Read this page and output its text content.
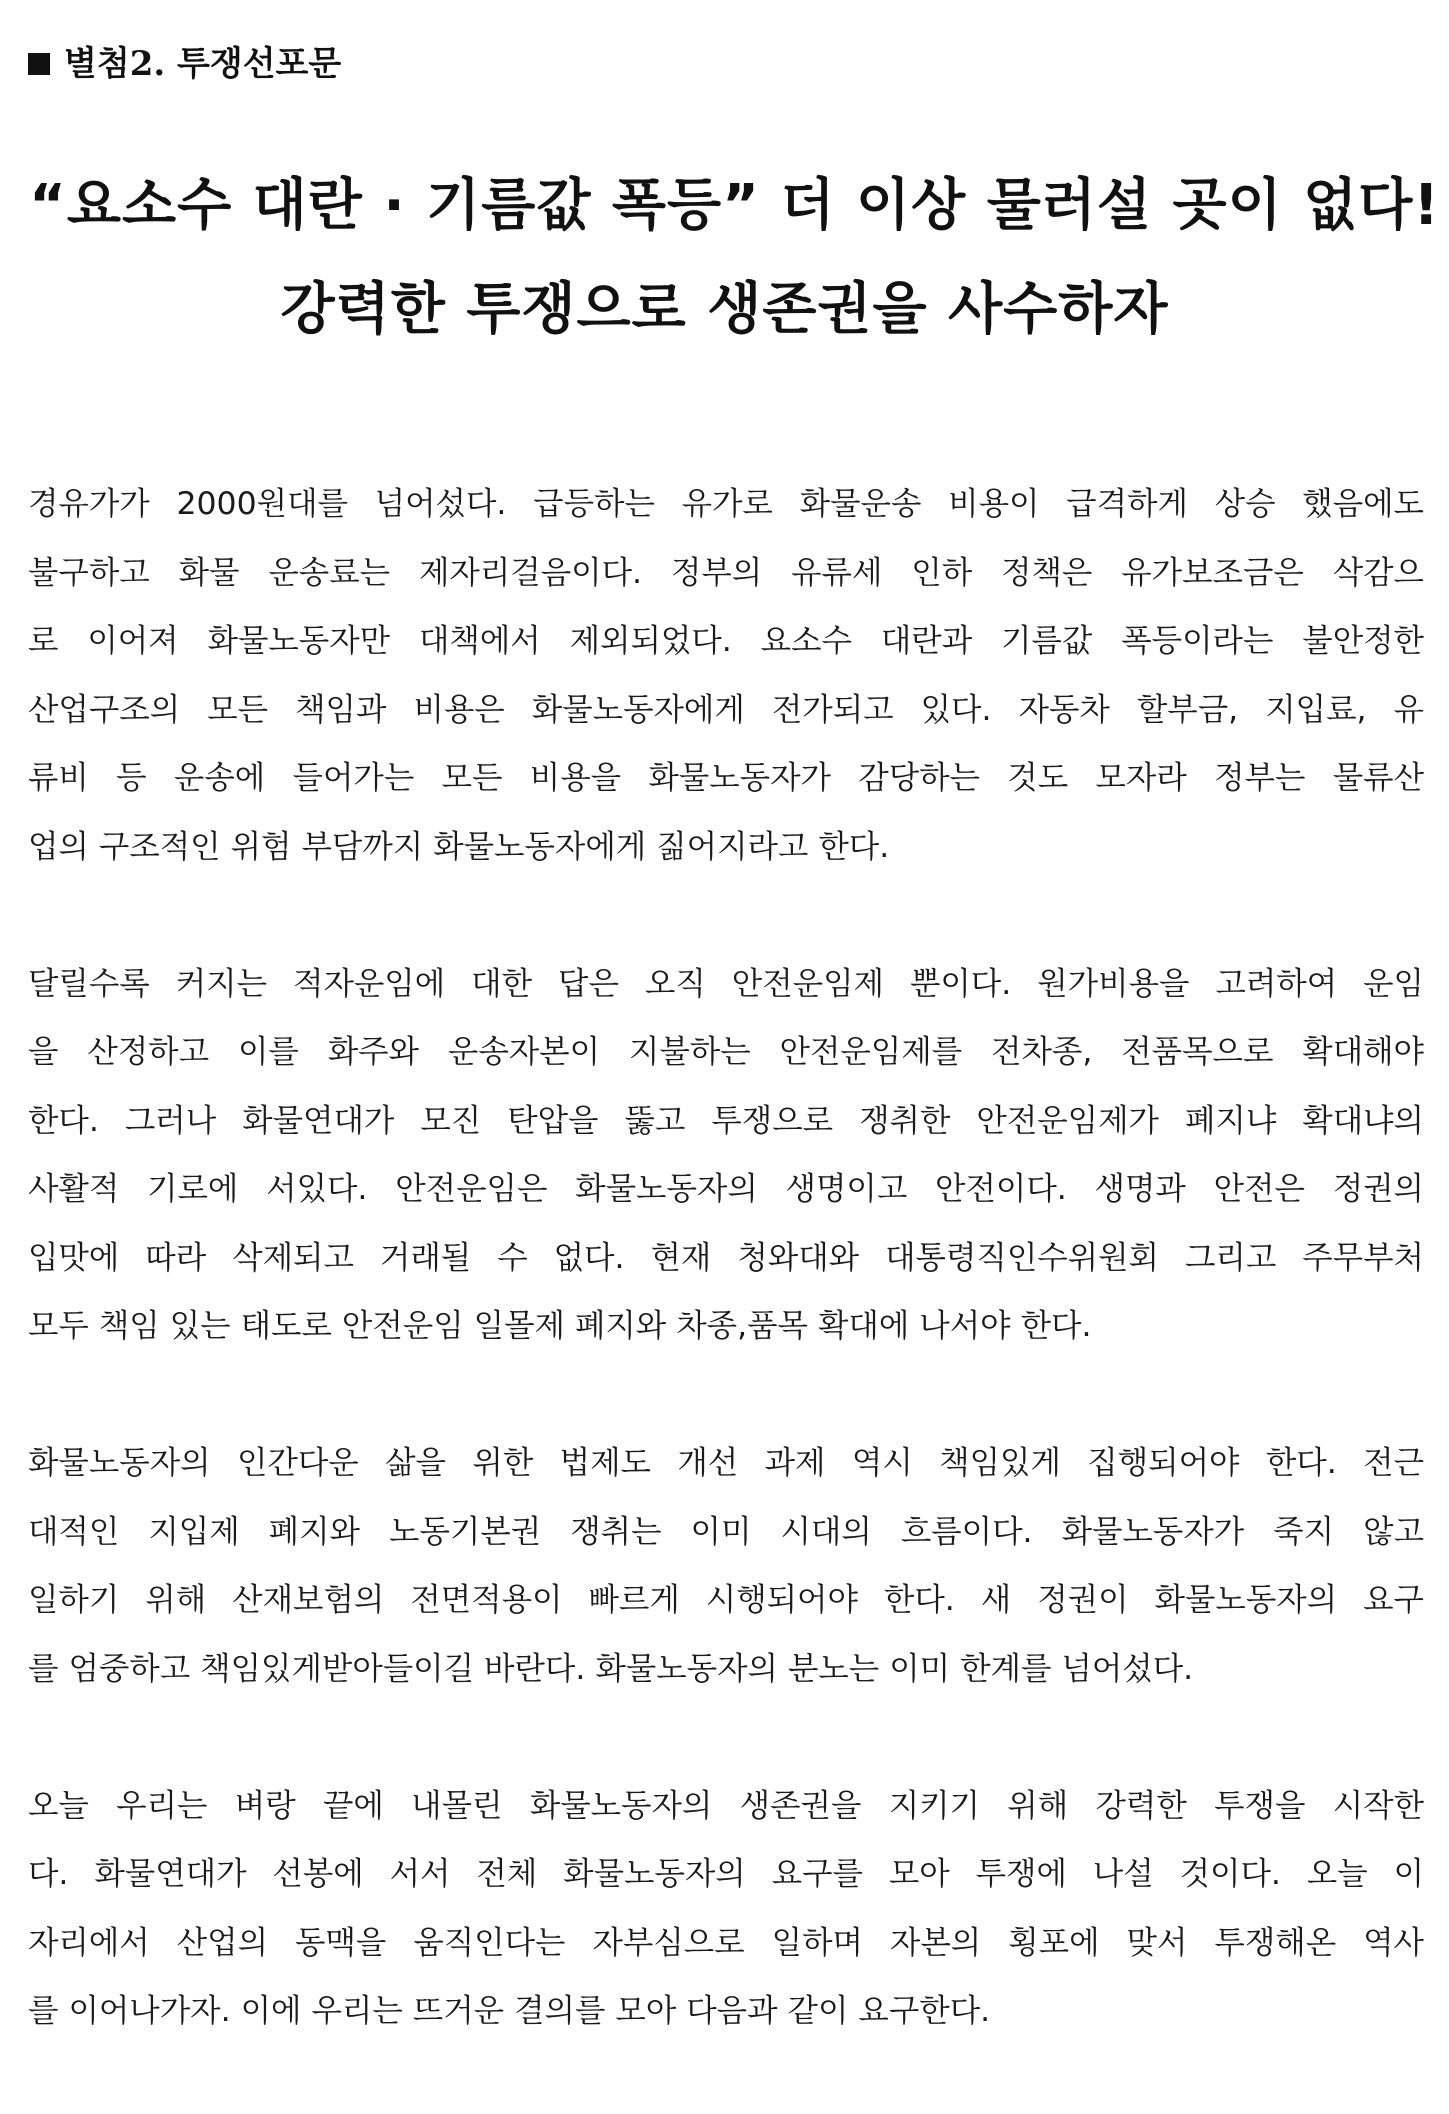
별첨2. 투쟁선포문
“요소수 대란 · 기름값 폭등” 더 이상 물러설 곳이 없다!
강력한 투쟁으로 생존권을 사수하자
경유가가 2000원대를 넘어섰다. 급등하는 유가로 화물운송 비용이 급격하게 상승 했음에도
불구하고 화물 운송료는 제자리걸음이다. 정부의 유류세 인하 정책은 유가보조금은 삭감으
로 이어져 화물노동자만 대책에서 제외되었다. 요소수 대란과 기름값 폭등이라는 불안정한
산업구조의 모든 책임과 비용은 화물노동자에게 전가되고 있다. 자동차 할부금, 지입료, 유
류비 등 운송에 들어가는 모든 비용을 화물노동자가 감당하는 것도 모자라 정부는 물류산
업의 구조적인 위험 부담까지 화물노동자에게 짊어지라고 한다.
달릴수록 커지는 적자운임에 대한 답은 오직 안전운임제 뿐이다. 원가비용을 고려하여 운임
을 산정하고 이를 화주와 운송자본이 지불하는 안전운임제를 전차종, 전품목으로 확대해야
한다. 그러나 화물연대가 모진 탄압을 뚫고 투쟁으로 쟁취한 안전운임제가 폐지냐 확대냐의
사활적 기로에 서있다. 안전운임은 화물노동자의 생명이고 안전이다. 생명과 안전은 정권의
입맛에 따라 삭제되고 거래될 수 없다. 현재 청와대와 대통령직인수위원회 그리고 주무부처
모두 책임 있는 태도로 안전운임 일몰제 폐지와 차종,품목 확대에 나서야 한다.
화물노동자의 인간다운 삶을 위한 법제도 개선 과제 역시 책임있게 집행되어야 한다. 전근
대적인 지입제 폐지와 노동기본권 쟁취는 이미 시대의 흐름이다. 화물노동자가 죽지 않고
일하기 위해 산재보험의 전면적용이 빠르게 시행되어야 한다. 새 정권이 화물노동자의 요구
를 엄중하고 책임있게받아들이길 바란다. 화물노동자의 분노는 이미 한계를 넘어섰다.
오늘 우리는 벼랑 끝에 내몰린 화물노동자의 생존권을 지키기 위해 강력한 투쟁을 시작한
다. 화물연대가 선봉에 서서 전체 화물노동자의 요구를 모아 투쟁에 나설 것이다. 오늘 이
자리에서 산업의 동맥을 움직인다는 자부심으로 일하며 자본의 횡포에 맞서 투쟁해온 역사
를 이어나가자. 이에 우리는 뜨거운 결의를 모아 다음과 같이 요구한다.
